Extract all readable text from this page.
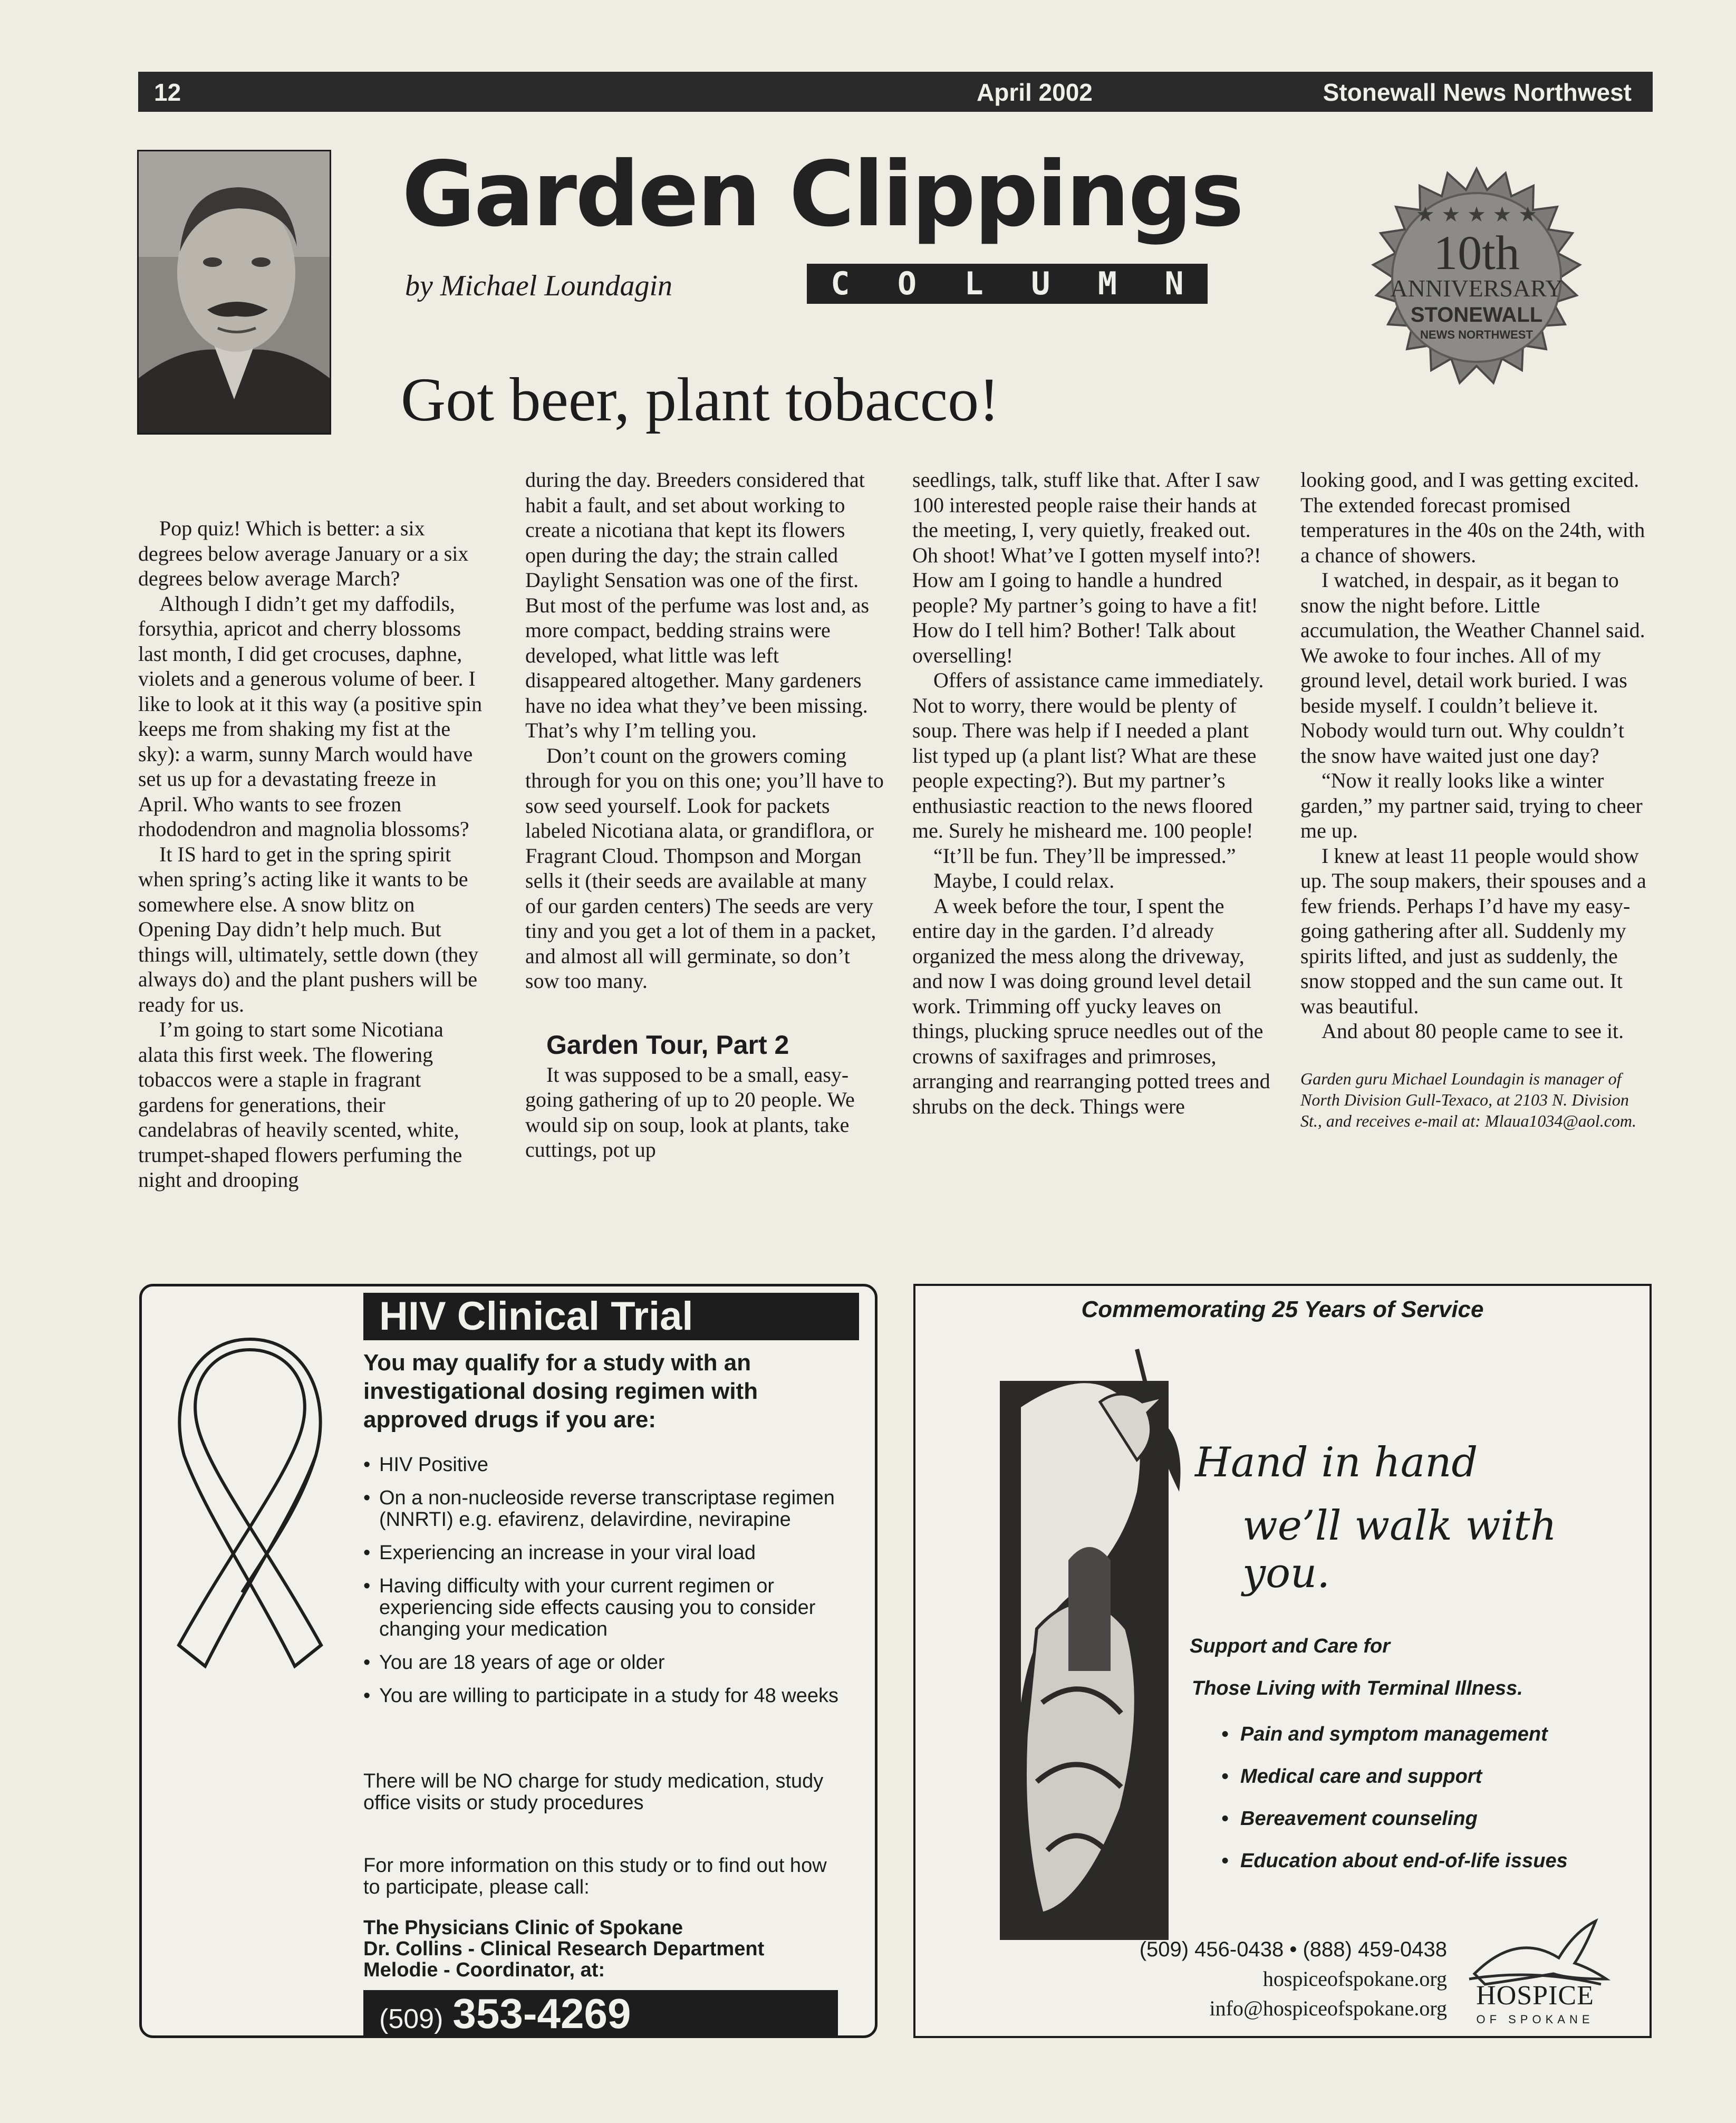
12	April 2002	Stonewall News Northwest
Garden Clippings
by Michael Loundagin	C O L U M N
Got beer, plant tobacco!
★ ★ ★ ★ ★
10th
ANNIVERSARY
STONEWALL
NEWS NORTHWEST

Pop quiz! Which is better: a six degrees below average January or a six degrees below average March?

Although I didn’t get my daffodils, forsythia, apricot and cherry blossoms last month, I did get crocuses, daphne, violets and a generous volume of beer. I like to look at it this way (a positive spin keeps me from shaking my fist at the sky): a warm, sunny March would have set us up for a devastating freeze in April. Who wants to see frozen rhododendron and magnolia blossoms?

It IS hard to get in the spring spirit when spring’s acting like it wants to be somewhere else. A snow blitz on Opening Day didn’t help much. But things will, ultimately, settle down (they always do) and the plant pushers will be ready for us.

I’m going to start some Nicotiana alata this first week. The flowering tobaccos were a staple in fragrant gardens for generations, their candelabras of heavily scented, white, trumpet-shaped flowers perfuming the night and drooping

during the day. Breeders considered that habit a fault, and set about working to create a nicotiana that kept its flowers open during the day; the strain called Daylight Sensation was one of the first. But most of the perfume was lost and, as more compact, bedding strains were developed, what little was left disappeared altogether. Many gardeners have no idea what they’ve been missing. That’s why I’m telling you.

Don’t count on the growers coming through for you on this one; you’ll have to sow seed yourself. Look for packets labeled Nicotiana alata, or grandiflora, or Fragrant Cloud. Thompson and Morgan sells it (their seeds are available at many of our garden centers) The seeds are very tiny and you get a lot of them in a packet, and almost all will germinate, so don’t sow too many.

Garden Tour, Part 2

It was supposed to be a small, easy-going gathering of up to 20 people. We would sip on soup, look at plants, take cuttings, pot up

seedlings, talk, stuff like that. After I saw 100 interested people raise their hands at the meeting, I, very quietly, freaked out. Oh shoot! What’ve I gotten myself into?! How am I going to handle a hundred people? My partner’s going to have a fit! How do I tell him? Bother! Talk about overselling!

Offers of assistance came immediately. Not to worry, there would be plenty of soup. There was help if I needed a plant list typed up (a plant list? What are these people expecting?). But my partner’s enthusiastic reaction to the news floored me. Surely he misheard me. 100 people!

“It’ll be fun. They’ll be impressed.”

Maybe, I could relax.

A week before the tour, I spent the entire day in the garden. I’d already organized the mess along the driveway, and now I was doing ground level detail work. Trimming off yucky leaves on things, plucking spruce needles out of the crowns of saxifrages and primroses, arranging and rearranging potted trees and shrubs on the deck. Things were

looking good, and I was getting excited. The extended forecast promised temperatures in the 40s on the 24th, with a chance of showers.

I watched, in despair, as it began to snow the night before. Little accumulation, the Weather Channel said. We awoke to four inches. All of my ground level, detail work buried. I was beside myself. I couldn’t believe it. Nobody would turn out. Why couldn’t the snow have waited just one day?

“Now it really looks like a winter garden,” my partner said, trying to cheer me up.

I knew at least 11 people would show up. The soup makers, their spouses and a few friends. Perhaps I’d have my easy-going gathering after all. Suddenly my spirits lifted, and just as suddenly, the snow stopped and the sun came out. It was beautiful.

And about 80 people came to see it.

Garden guru Michael Loundagin is manager of North Division Gull-Texaco, at 2103 N. Division St., and receives e-mail at: Mlaua1034@aol.com.

HIV Clinical Trial
You may qualify for a study with an investigational dosing regimen with approved drugs if you are:
• HIV Positive
• On a non-nucleoside reverse transcriptase regimen (NNRTI) e.g. efavirenz, delavirdine, nevirapine
• Experiencing an increase in your viral load
• Having difficulty with your current regimen or experiencing side effects causing you to consider changing your medication
• You are 18 years of age or older
• You are willing to participate in a study for 48 weeks
There will be NO charge for study medication, study office visits or study procedures
For more information on this study or to find out how to participate, please call:
The Physicians Clinic of Spokane
Dr. Collins - Clinical Research Department
Melodie - Coordinator, at:
(509) 353-4269
Commemorating 25 Years of Service
Hand in hand
we’ll walk with you.
Support and Care for
Those Living with Terminal Illness.
• Pain and symptom management
• Medical care and support
• Bereavement counseling
• Education about end-of-life issues
(509) 456-0438 • (888) 459-0438
hospiceofspokane.org
info@hospiceofspokane.org	HOSPICE
OF SPOKANE
